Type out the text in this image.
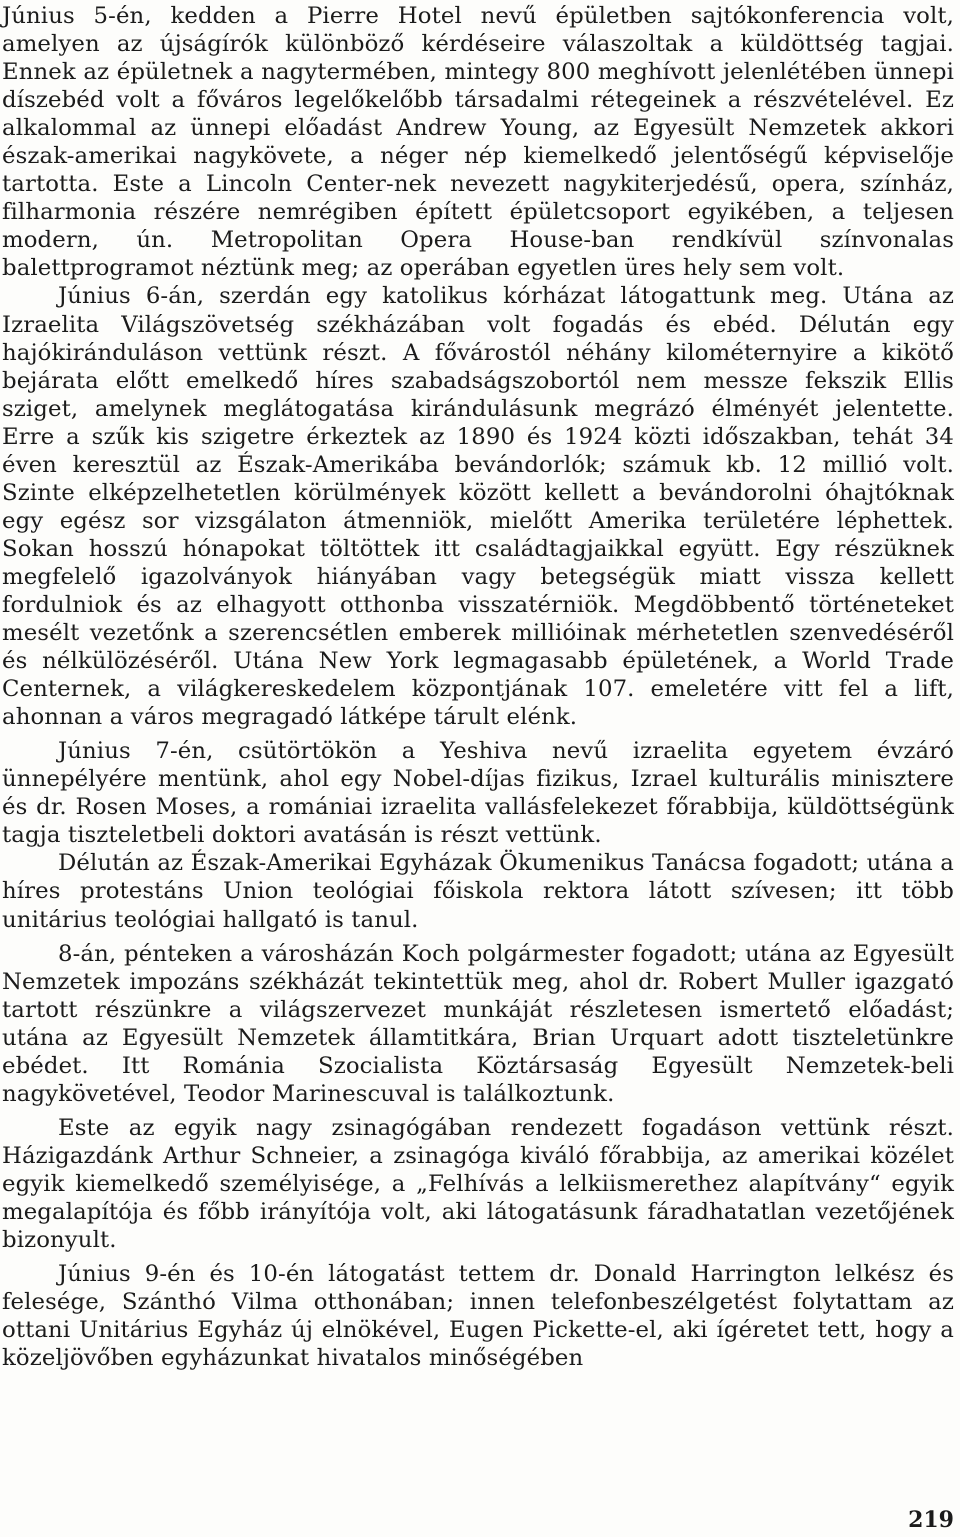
Június 5-én, kedden a Pierre Hotel nevű épületben sajtókonferencia volt, amelyen az újságírók különböző kérdéseire válaszoltak a küldöttség tagjai. Ennek az épületnek a nagytermében, mintegy 800 meghívott jelenlétében ünnepi díszebéd volt a főváros legelőkelőbb társadalmi rétegeinek a részvételével. Ez alkalommal az ünnepi előadást Andrew Young, az Egyesült Nemzetek akkori észak-amerikai nagykövete, a néger nép kiemelkedő jelentőségű képviselője tartotta. Este a Lincoln Center-nek nevezett nagykiterjedésű, opera, színház, filharmonia részére nemrégiben épített épületcsoport egyikében, a teljesen modern, ún. Metropolitan Opera House-ban rendkívül színvonalas balettprogramot néztünk meg; az operában egyetlen üres hely sem volt.

Június 6-án, szerdán egy katolikus kórházat látogattunk meg. Utána az Izraelita Világszövetség székházában volt fogadás és ebéd. Délután egy hajókiránduláson vettünk részt. A fővárostól néhány kilométernyire a kikötő bejárata előtt emelkedő híres szabadságszobortól nem messze fekszik Ellis sziget, amelynek meglátogatása kirándulásunk megrázó élményét jelentette. Erre a szűk kis szigetre érkeztek az 1890 és 1924 közti időszakban, tehát 34 éven keresztül az Észak-Amerikába bevándorlók; számuk kb. 12 millió volt. Szinte elképzelhetetlen körülmények között kellett a bevándorolni óhajtóknak egy egész sor vizsgálaton átmenniök, mielőtt Amerika területére léphettek. Sokan hosszú hónapokat töltöttek itt családtagjaikkal együtt. Egy részüknek megfelelő igazolványok hiányában vagy betegségük miatt vissza kellett fordulniok és az elhagyott otthonba visszatérniök. Megdöbbentő történeteket mesélt vezetőnk a szerencsétlen emberek millióinak mérhetetlen szenvedéséről és nélkülözéséről. Utána New York legmagasabb épületének, a World Trade Centernek, a világkereskedelem központjának 107. emeletére vitt fel a lift, ahonnan a város megragadó látképe tárult elénk.

Június 7-én, csütörtökön a Yeshiva nevű izraelita egyetem évzáró ünnepélyére mentünk, ahol egy Nobel-díjas fizikus, Izrael kulturális minisztere és dr. Rosen Moses, a romániai izraelita vallásfelekezet főrabbija, küldöttségünk tagja tiszteletbeli doktori avatásán is részt vettünk.

Délután az Észak-Amerikai Egyházak Ökumenikus Tanácsa fogadott; utána a híres protestáns Union teológiai főiskola rektora látott szívesen; itt több unitárius teológiai hallgató is tanul.

8-án, pénteken a városházán Koch polgármester fogadott; utána az Egyesült Nemzetek impozáns székházát tekintettük meg, ahol dr. Robert Muller igazgató tartott részünkre a világszervezet munkáját részletesen ismertető előadást; utána az Egyesült Nemzetek államtitkára, Brian Urquart adott tiszteletünkre ebédet. Itt Románia Szocialista Köztársaság Egyesült Nemzetek-beli nagykövetével, Teodor Marinescuval is találkoztunk.

Este az egyik nagy zsinagógában rendezett fogadáson vettünk részt. Házigazdánk Arthur Schneier, a zsinagóga kiváló főrabbija, az amerikai közélet egyik kiemelkedő személyisége, a „Felhívás a lelkiismerethez alapítvány“ egyik megalapítója és főbb irányítója volt, aki látogatásunk fáradhatatlan vezetőjének bizonyult.

Június 9-én és 10-én látogatást tettem dr. Donald Harrington lelkész és felesége, Szánthó Vilma otthonában; innen telefonbeszélgetést folytattam az ottani Unitárius Egyház új elnökével, Eugen Pickette-el, aki ígéretet tett, hogy a közeljövőben egyházunkat hivatalos minőségében

219
